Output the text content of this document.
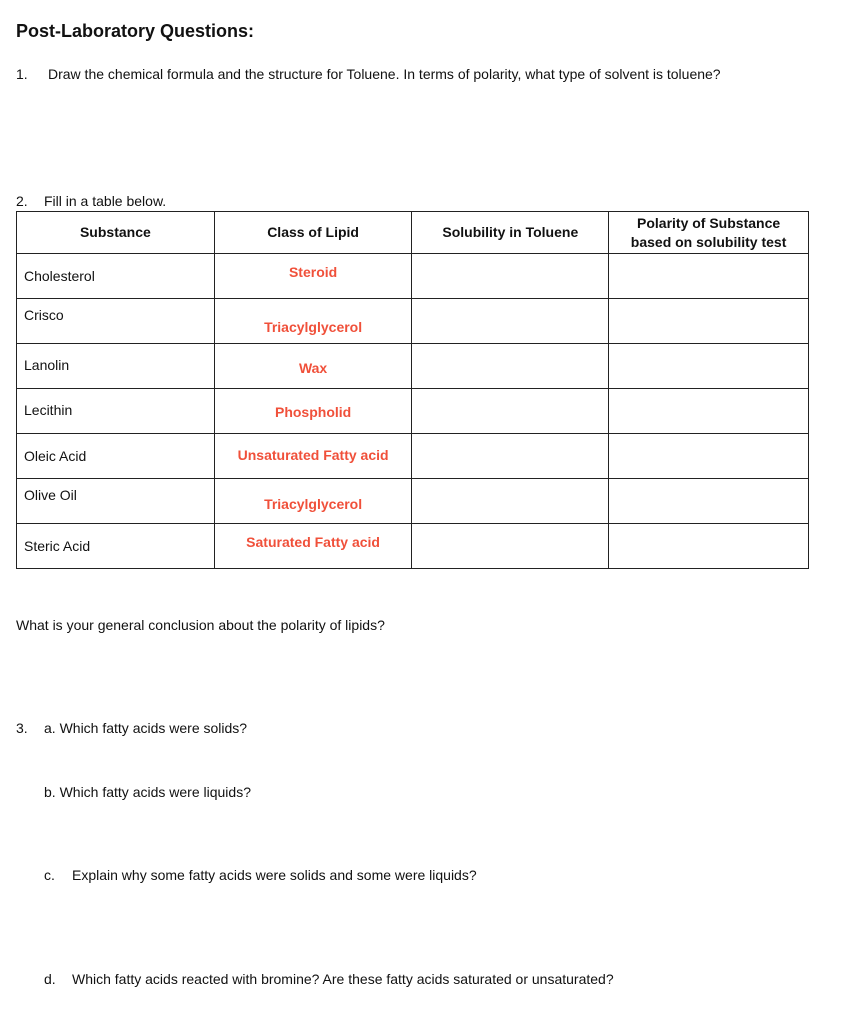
Post-Laboratory Questions:
1. Draw the chemical formula and the structure for Toluene. In terms of polarity, what type of solvent is toluene?
2. Fill in a table below.
Substance	Class of Lipid	Solubility in Toluene	Polarity of Substance based on solubility test

Cholesterol	Steroid		

Crisco	Triacylglycerol		

Lanolin	Wax		

Lecithin	Phospholid		

Oleic Acid	Unsaturated Fatty acid		

Olive Oil	Triacylglycerol		

Steric Acid	Saturated Fatty acid		

What is your general conclusion about the polarity of lipids?
3. a. Which fatty acids were solids?
b. Which fatty acids were liquids?
c. Explain why some fatty acids were solids and some were liquids?
d. Which fatty acids reacted with bromine? Are these fatty acids saturated or unsaturated?
